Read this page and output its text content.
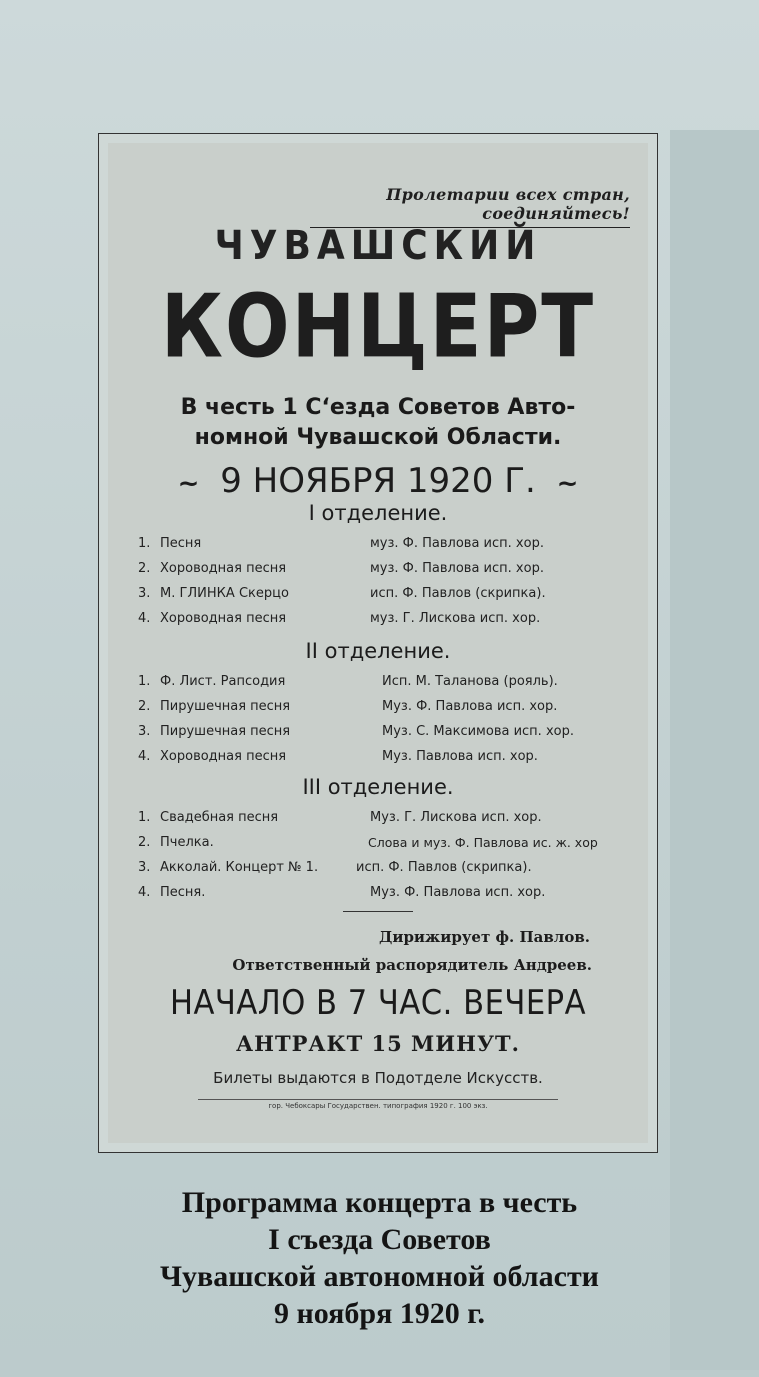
Пролетарии всех стран, соединяйтесь!
ЧУВАШСКИЙ
КОНЦЕРТ
В честь 1 С‘езда Советов Авто-
номной Чувашской Области.
~ 9 НОЯБРЯ 1920 Г. ~
I отделение.
1. Песня	муз. Ф. Павлова исп. хор.
2. Хороводная песня	муз. Ф. Павлова исп. хор.
3. М. ГЛИНКА Скерцо	исп. Ф. Павлов (скрипка).
4. Хороводная песня	муз. Г. Лискова исп. хор.
II отделение.
1. Ф. Лист. Рапсодия	Исп. М. Таланова (рояль).
2. Пирушечная песня	Муз. Ф. Павлова исп. хор.
3. Пирушечная песня	Муз. С. Максимова исп. хор.
4. Хороводная песня	Муз. Павлова исп. хор.
III отделение.
1. Свадебная песня	Муз. Г. Лискова исп. хор.
2. Пчелка.	Слова и муз. Ф. Павлова ис. ж. хор
3. Акколай. Концерт № 1.	исп. Ф. Павлов (скрипка).
4. Песня.	Муз. Ф. Павлова исп. хор.
Дирижирует ф. Павлов.
Ответственный распорядитель Андреев.
НАЧАЛО В 7 ЧАС. ВЕЧЕРА
АНТРАКТ 15 МИНУТ.
Билеты выдаются в Подотделе Искусств.
гор. Чебоксары Государствен. типография 1920 г. 100 экз.
Программа концерта в честь
I съезда Советов
Чувашской автономной области
9 ноября 1920 г.
